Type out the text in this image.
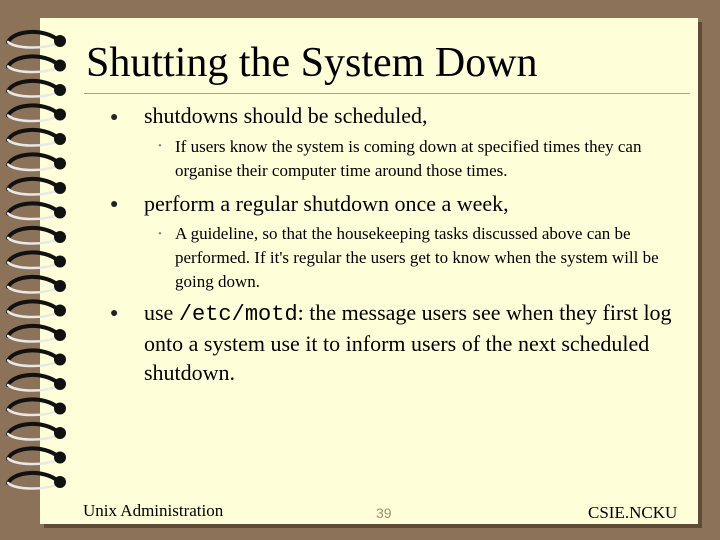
Shutting the System Down
● shutdowns should be scheduled,
• If users know the system is coming down at specified times they can organise their computer time around those times.
● perform a regular shutdown once a week,
• A guideline, so that the housekeeping tasks discussed above can be performed. If it's regular the users get to know when the system will be going down.
● use /etc/motd: the message users see when they first log onto a system use it to inform users of the next scheduled shutdown.
Unix Administration	39	CSIE.NCKU
